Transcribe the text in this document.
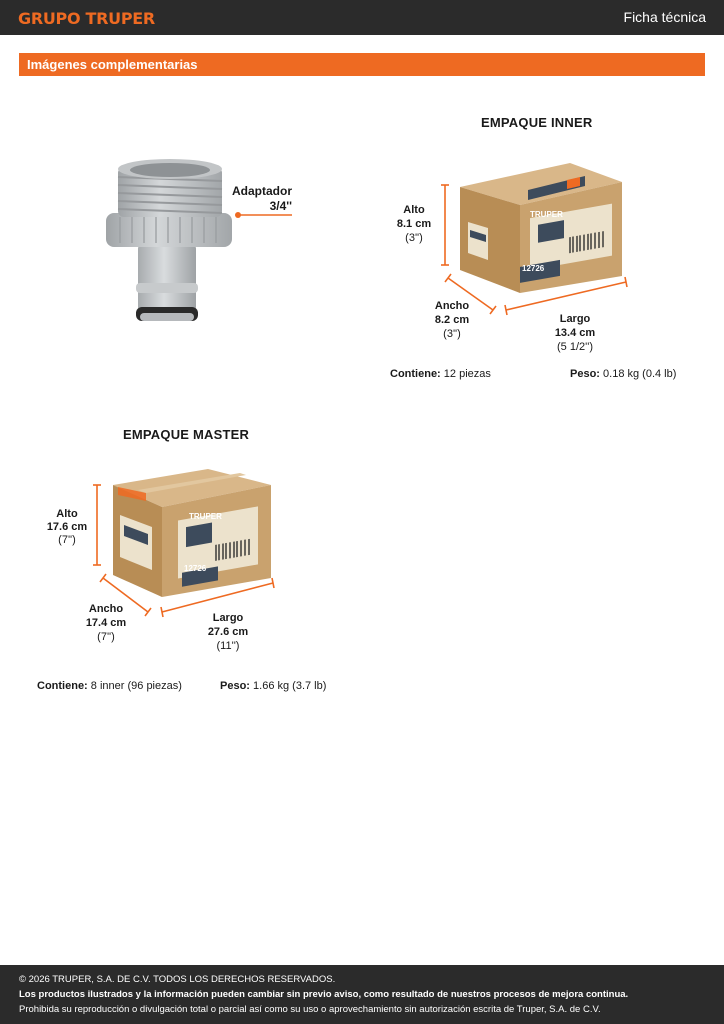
GRUPO TRUPER	Ficha técnica
Imágenes complementarias
Adaptador
3/4''
EMPAQUE INNER
TRUPER
12726
Alto
8.1 cm
(3'')
Ancho
8.2 cm
(3'')
Largo
13.4 cm
(5 1/2'')
Contiene: 12 piezas	Peso: 0.18 kg (0.4 lb)
EMPAQUE MASTER
TRUPER
12726
Alto
17.6 cm
(7'')
Ancho
17.4 cm
(7'')
Largo
27.6 cm
(11'')
Contiene: 8 inner (96 piezas)	Peso: 1.66 kg (3.7 lb)
© 2026 TRUPER, S.A. DE C.V. TODOS LOS DERECHOS RESERVADOS.
Los productos ilustrados y la información pueden cambiar sin previo aviso, como resultado de nuestros procesos de mejora continua.
Prohibida su reproducción o divulgación total o parcial así como su uso o aprovechamiento sin autorización escrita de Truper, S.A. de C.V.
